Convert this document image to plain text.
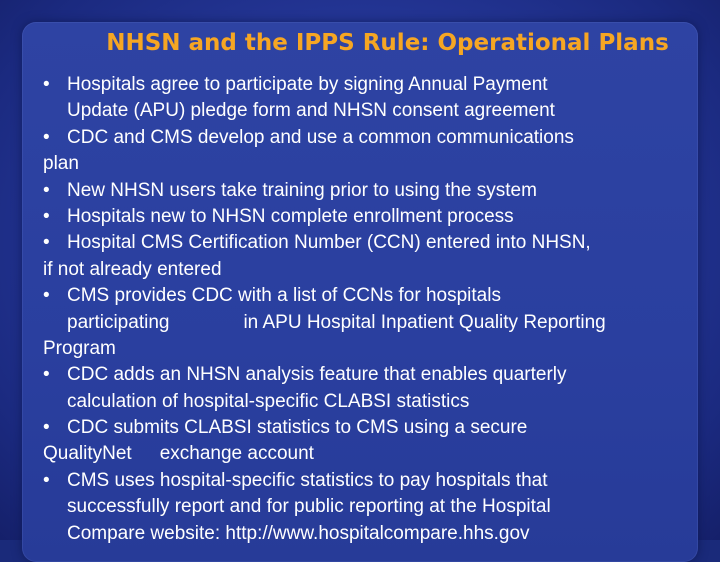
NHSN and the IPPS Rule: Operational Plans
• Hospitals agree to participate by signing Annual Payment
Update (APU) pledge form and NHSN consent agreement
• CDC and CMS develop and use a common communications
plan
• New NHSN users take training prior to using the system
• Hospitals new to NHSN complete enrollment process
• Hospital CMS Certification Number (CCN) entered into NHSN,
if not already entered
• CMS provides CDC with a list of CCNs for hospitals
participating	in APU Hospital Inpatient Quality Reporting
Program
• CDC adds an NHSN analysis feature that enables quarterly
calculation of hospital-specific CLABSI statistics
• CDC submits CLABSI statistics to CMS using a secure
QualityNet exchange account
• CMS uses hospital-specific statistics to pay hospitals that
successfully report and for public reporting at the Hospital
Compare website: http://www.hospitalcompare.hhs.gov
